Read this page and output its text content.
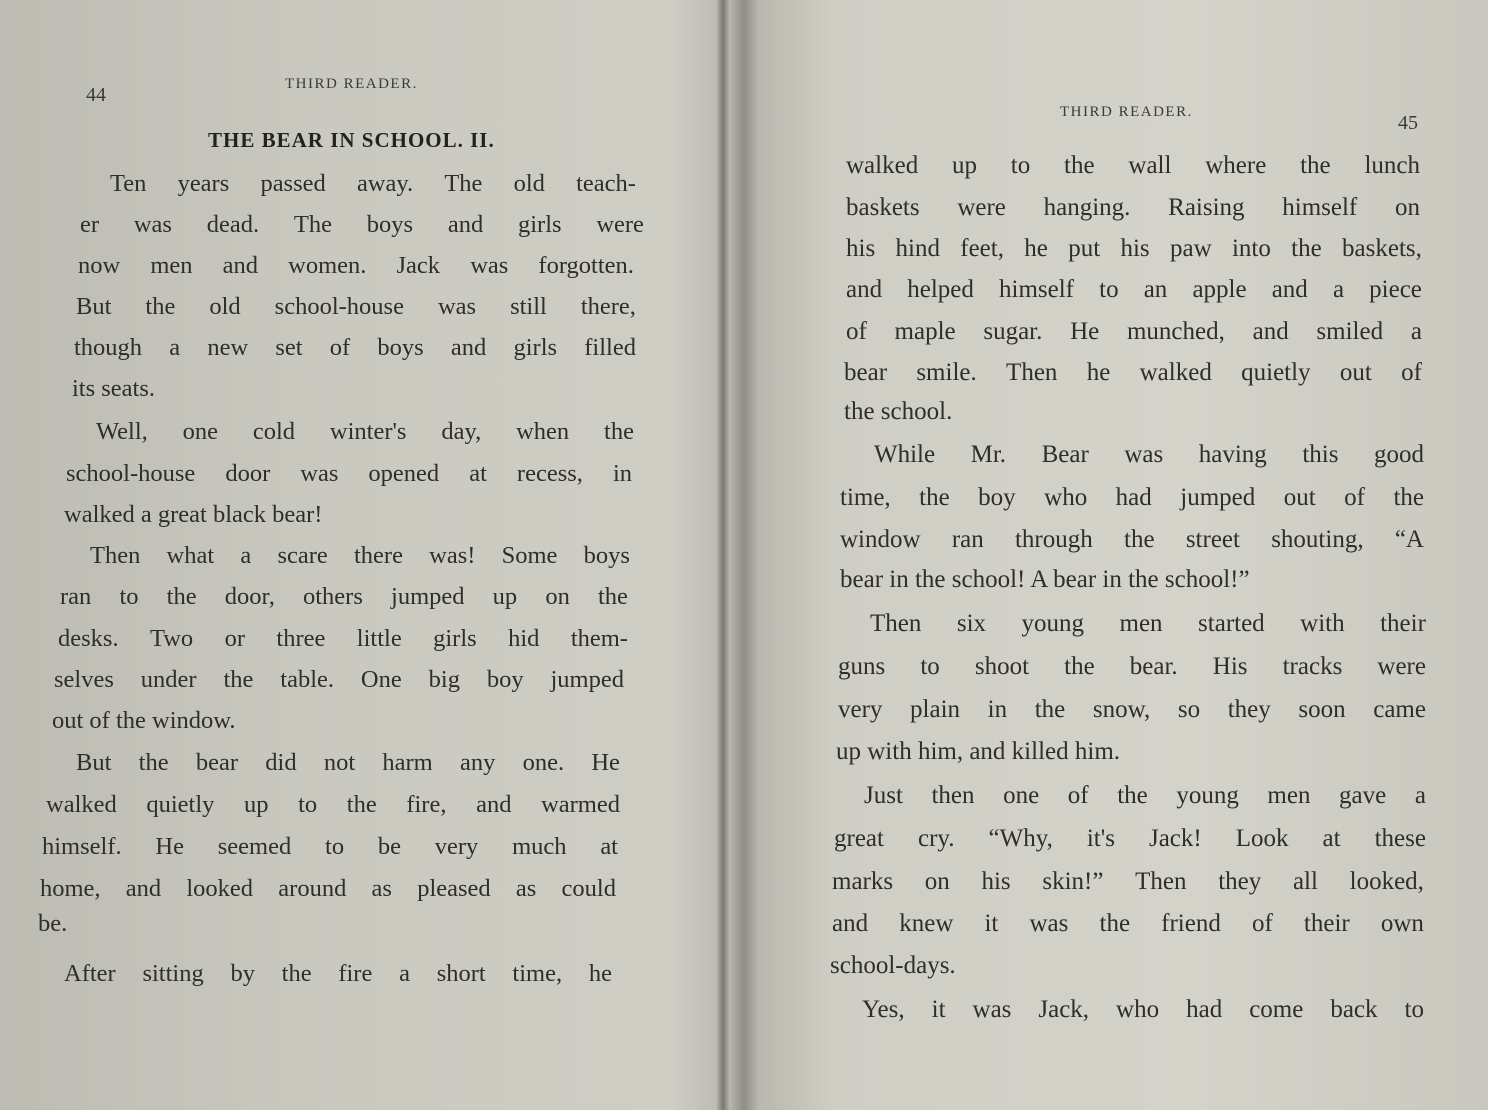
44	THIRD READER.
THE BEAR IN SCHOOL. II.
Ten years passed away. The old teach-
er was dead. The boys and girls were
now men and women. Jack was forgotten.
But the old school-house was still there,
though a new set of boys and girls filled
its seats.
Well, one cold winter's day, when the
school-house door was opened at recess, in
walked a great black bear!
Then what a scare there was! Some boys
ran to the door, others jumped up on the
desks. Two or three little girls hid them-
selves under the table. One big boy jumped
out of the window.
But the bear did not harm any one. He
walked quietly up to the fire, and warmed
himself. He seemed to be very much at
home, and looked around as pleased as could
be.
After sitting by the fire a short time, he
THIRD READER.	45
walked up to the wall where the lunch
baskets were hanging. Raising himself on
his hind feet, he put his paw into the baskets,
and helped himself to an apple and a piece
of maple sugar. He munched, and smiled a
bear smile. Then he walked quietly out of
the school.
While Mr. Bear was having this good
time, the boy who had jumped out of the
window ran through the street shouting, “A
bear in the school! A bear in the school!”
Then six young men started with their
guns to shoot the bear. His tracks were
very plain in the snow, so they soon came
up with him, and killed him.
Just then one of the young men gave a
great cry. “Why, it's Jack! Look at these
marks on his skin!” Then they all looked,
and knew it was the friend of their own
school-days.
Yes, it was Jack, who had come back to
